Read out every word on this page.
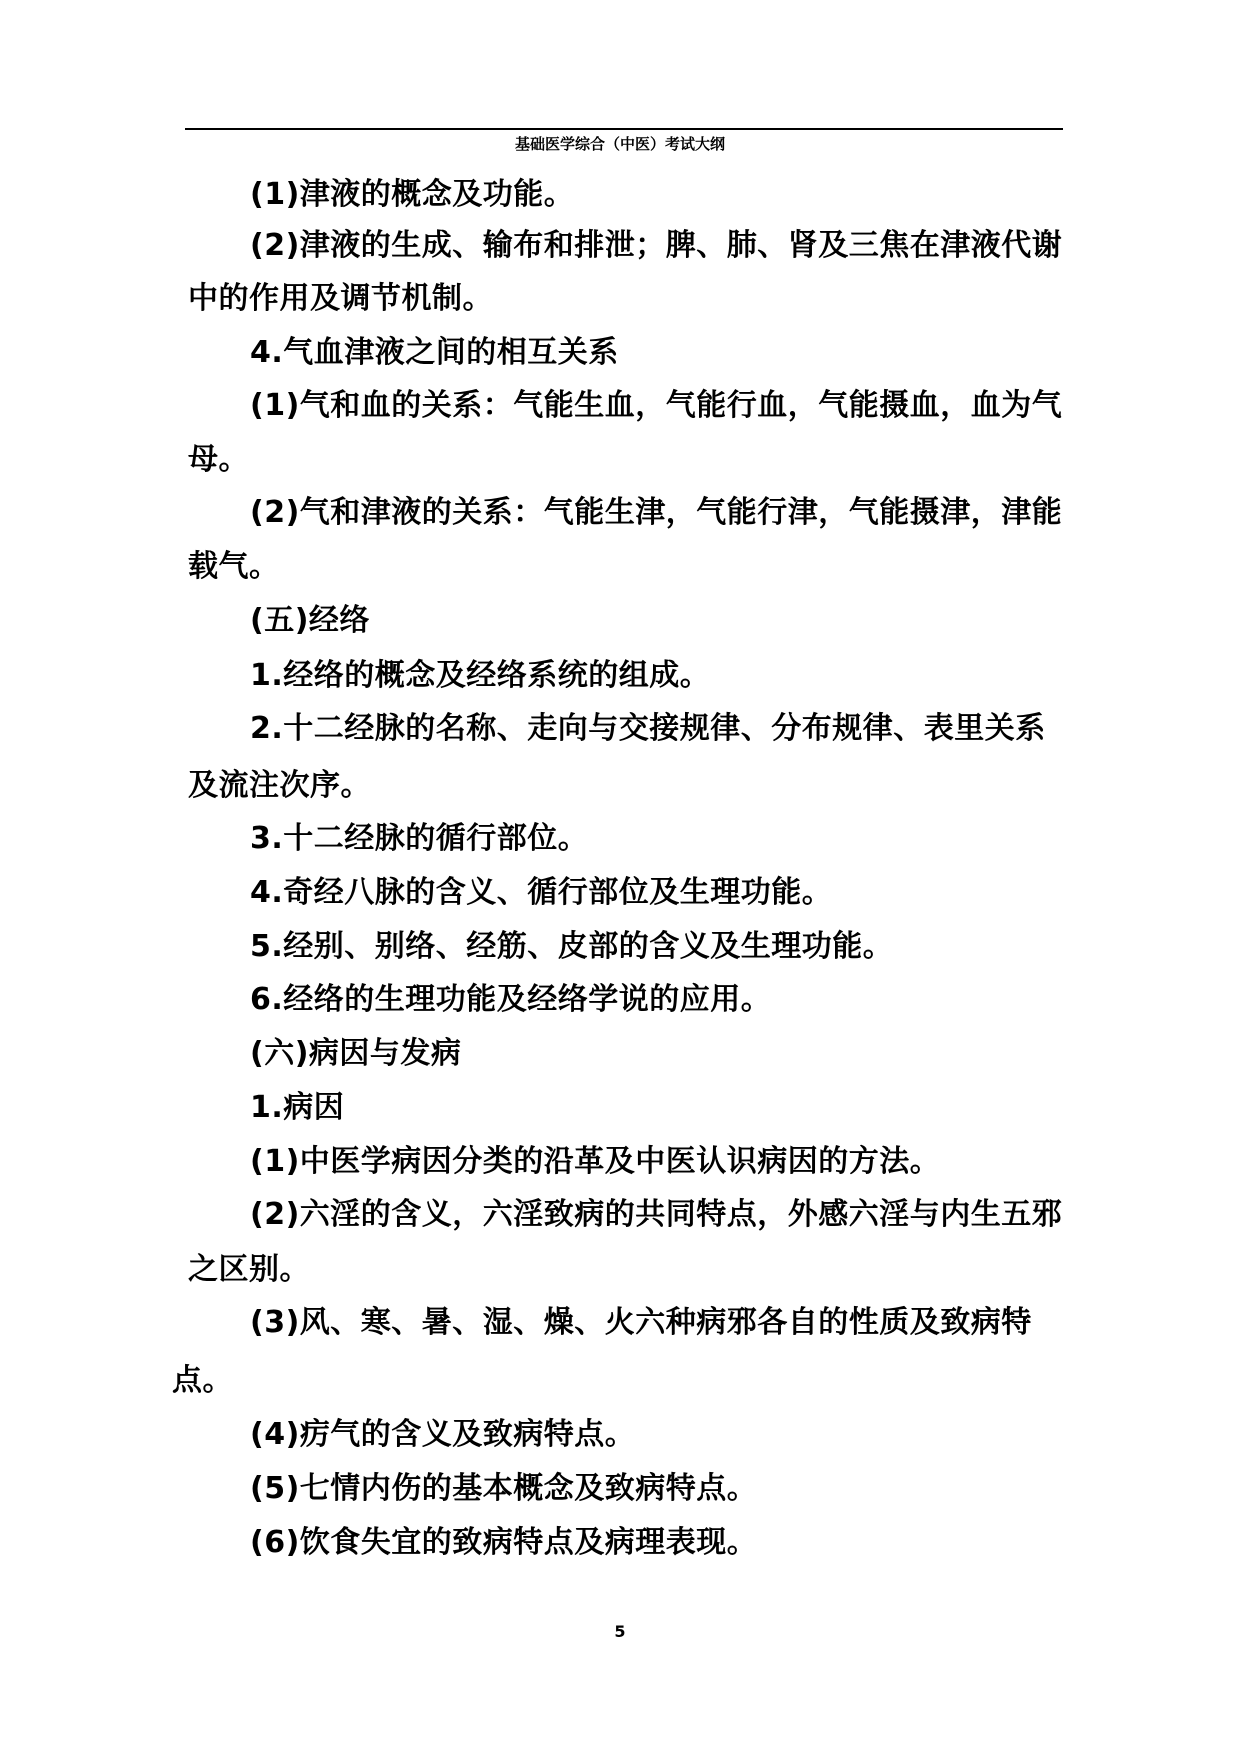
基础医学综合（中医）考试大纲
(1)津液的概念及功能。
(2)津液的生成、输布和排泄；脾、肺、肾及三焦在津液代谢
中的作用及调节机制。
4.气血津液之间的相互关系
(1)气和血的关系：气能生血，气能行血，气能摄血，血为气
母。
(2)气和津液的关系：气能生津，气能行津，气能摄津，津能
载气。
(五)经络
1.经络的概念及经络系统的组成。
2.十二经脉的名称、走向与交接规律、分布规律、表里关系
及流注次序。
3.十二经脉的循行部位。
4.奇经八脉的含义、循行部位及生理功能。
5.经别、别络、经筋、皮部的含义及生理功能。
6.经络的生理功能及经络学说的应用。
(六)病因与发病
1.病因
(1)中医学病因分类的沿革及中医认识病因的方法。
(2)六淫的含义，六淫致病的共同特点，外感六淫与内生五邪
之区别。
(3)风、寒、暑、湿、燥、火六种病邪各自的性质及致病特
点。
(4)疠气的含义及致病特点。
(5)七情内伤的基本概念及致病特点。
(6)饮食失宜的致病特点及病理表现。
5
